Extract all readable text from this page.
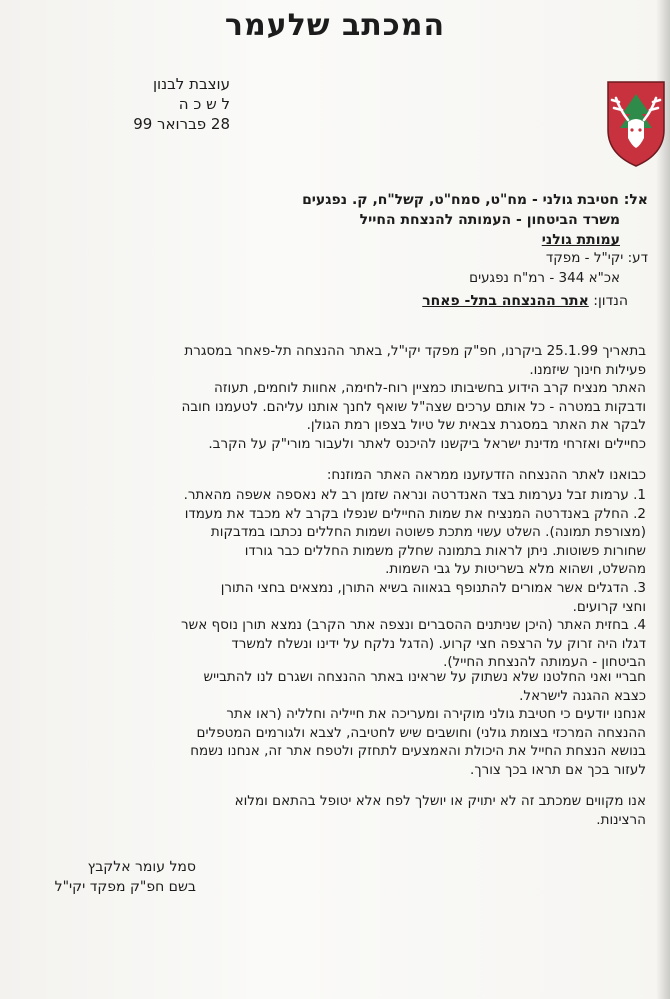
המכתב שלעמר
עוצבת לבנון
ל ש כ ה
28 פברואר 99
אל: חטיבת גולני - מח"ט, סמח"ט, קשל"ח, ק. נפגעים
משרד הביטחון - העמותה להנצחת החייל
עמותת גולני
דע: יקי"ל - מפקד
אכ"א 344 - רמ"ח נפגעים
הנדון: אתר ההנצחה בתל- פאחר

בתאריך 25.1.99 ביקרנו, חפ"ק מפקד יקי"ל, באתר ההנצחה תל-פאחר במסגרת

פעילות חינוך שיזמנו.

האתר מנציח קרב הידוע בחשיבותו כמציין רוח-לחימה, אחוות לוחמים, תעוזה

ודבקות במטרה - כל אותם ערכים שצה"ל שואף לחנך אותנו עליהם. לטעמנו חובה

לבקר את האתר במסגרת צבאית של טיול בצפון רמת הגולן.

כחיילים ואזרחי מדינת ישראל ביקשנו להיכנס לאתר ולעבור מורי"ק על הקרב.

כבואנו לאתר ההנצחה הזדעזענו ממראה האתר המוזנח:

1. ערמות זבל נערמות בצד האנדרטה ונראה שזמן רב לא נאספה אשפה מהאתר.

2. החלק באנדרטה המנציח את שמות החיילים שנפלו בקרב לא מכבד את מעמדו

(מצורפת תמונה). השלט עשוי מתכת פשוטה ושמות החללים נכתבו במדבקות

שחורות פשוטות. ניתן לראות בתמונה שחלק משמות החללים כבר גורדו

מהשלט, ושהוא מלא בשריטות על גבי השמות.

3. הדגלים אשר אמורים להתנופף בגאווה בשיא התורן, נמצאים בחצי התורן

וחצי קרועים.

4. בחזית האתר (היכן שניתנים ההסברים ונצפה אתר הקרב) נמצא תורן נוסף אשר

דגלו היה זרוק על הרצפה חצי קרוע. (הדגל נלקח על ידינו ונשלח למשרד

הביטחון - העמותה להנצחת החייל).

חבריי ואני החלטנו שלא נשתוק על שראינו באתר ההנצחה ושגרם לנו להתבייש

כצבא ההגנה לישראל.

אנחנו יודעים כי חטיבת גולני מוקירה ומעריכה את חייליה וחלליה (ראו אתר

ההנצחה המרכזי בצומת גולני) וחושבים שיש לחטיבה, לצבא ולגורמים המטפלים

בנושא הנצחת החייל את היכולת והאמצעים לתחזק ולטפח אתר זה, אנחנו נשמח

לעזור בכך אם תראו בכך צורך.

אנו מקווים שמכתב זה לא יתויק או יושלך לפח אלא יטופל בהתאם ומלוא

הרצינות.

סמל עומר אלקבץ
בשם חפ"ק מפקד יקי"ל
